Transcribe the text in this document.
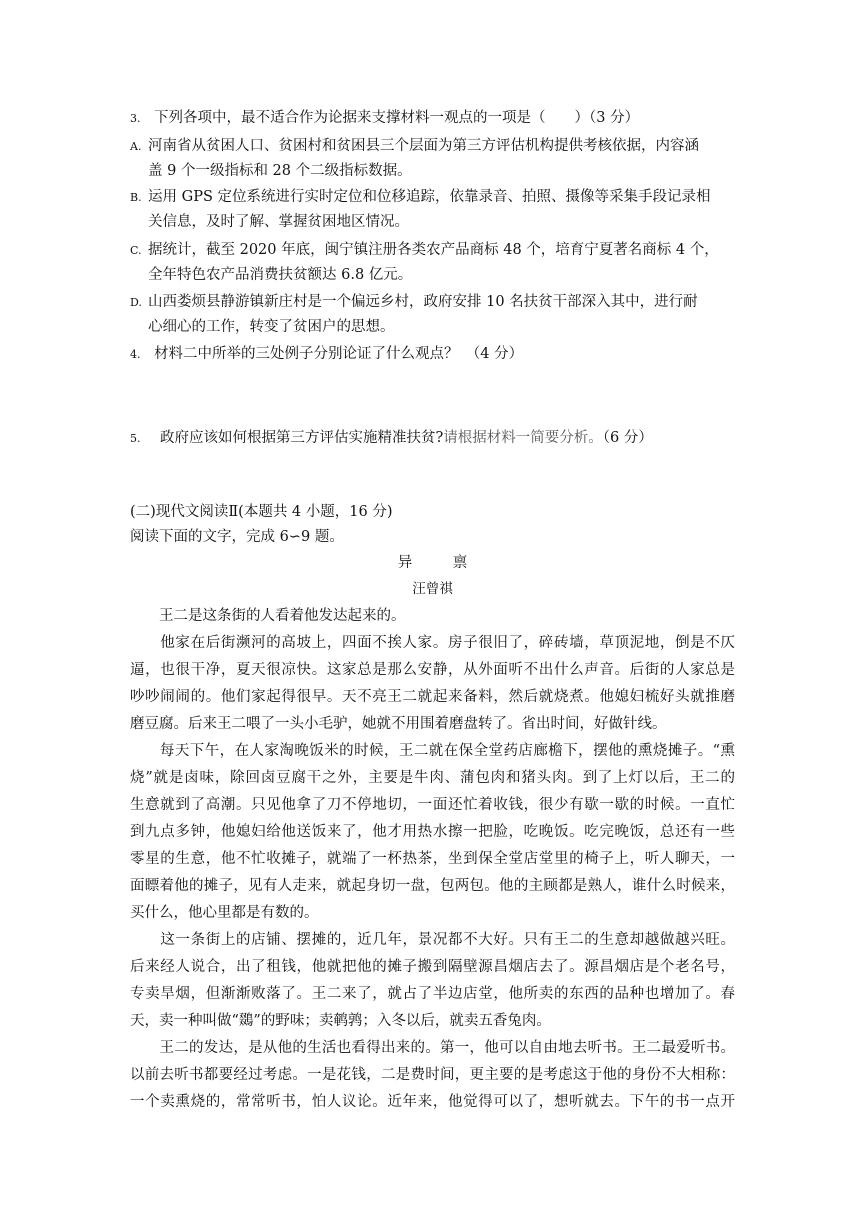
3. 下列各项中，最不适合作为论据来支撑材料一观点的一项是（　　）（3 分）
A. 河南省从贫困人口、贫困村和贫困县三个层面为第三方评估机构提供考核依据，内容涵
盖 9 个一级指标和 28 个二级指标数据。
B. 运用 GPS 定位系统进行实时定位和位移追踪，依靠录音、拍照、摄像等采集手段记录相
关信息，及时了解、掌握贫困地区情况。
C. 据统计，截至 2020 年底，闽宁镇注册各类农产品商标 48 个，培育宁夏著名商标 4 个，
全年特色农产品消费扶贫额达 6.8 亿元。
D. 山西娄烦县静游镇新庄村是一个偏远乡村，政府安排 10 名扶贫干部深入其中，进行耐
心细心的工作，转变了贫困户的思想。
4. 材料二中所举的三处例子分别论证了什么观点？　（4 分）
5. 政府应该如何根据第三方评估实施精准扶贫?请根据材料一简要分析。（6 分）
(二)现代文阅读Ⅱ(本题共 4 小题，16 分)
阅读下面的文字，完成 6∽9 题。
异 禀
汪曾祺
　　王二是这条街的人看着他发达起来的。
　　他家在后街濒河的高坡上，四面不挨人家。房子很旧了，碎砖墙，草顶泥地，倒是不仄
逼，也很干净，夏天很凉快。这家总是那么安静，从外面听不出什么声音。后街的人家总是
吵吵闹闹的。他们家起得很早。天不亮王二就起来备料，然后就烧煮。他媳妇梳好头就推磨
磨豆腐。后来王二喂了一头小毛驴，她就不用围着磨盘转了。省出时间，好做针线。
　　每天下午，在人家淘晚饭米的时候，王二就在保全堂药店廊檐下，摆他的熏烧摊子。“熏
烧”就是卤味，除回卤豆腐干之外，主要是牛肉、蒲包肉和猪头肉。到了上灯以后，王二的
生意就到了高潮。只见他拿了刀不停地切，一面还忙着收钱，很少有歇一歇的时候。一直忙
到九点多钟，他媳妇给他送饭来了，他才用热水擦一把脸，吃晚饭。吃完晚饭，总还有一些
零星的生意，他不忙收摊子，就端了一杯热茶，坐到保全堂店堂里的椅子上，听人聊天，一
面瞟着他的摊子，见有人走来，就起身切一盘，包两包。他的主顾都是熟人，谁什么时候来，
买什么，他心里都是有数的。
　　这一条街上的店铺、摆摊的，近几年，景况都不大好。只有王二的生意却越做越兴旺。
后来经人说合，出了租钱，他就把他的摊子搬到隔壁源昌烟店去了。源昌烟店是个老名号，
专卖旱烟，但渐渐败落了。王二来了，就占了半边店堂，他所卖的东西的品种也增加了。春
天，卖一种叫做“鵽”的野味；卖鹌鹑；入冬以后，就卖五香兔肉。
　　王二的发达，是从他的生活也看得出来的。第一，他可以自由地去听书。王二最爱听书。
以前去听书都要经过考虑。一是花钱，二是费时间，更主要的是考虑这于他的身份不大相称：
一个卖熏烧的，常常听书，怕人议论。近年来，他觉得可以了，想听就去。下午的书一点开
